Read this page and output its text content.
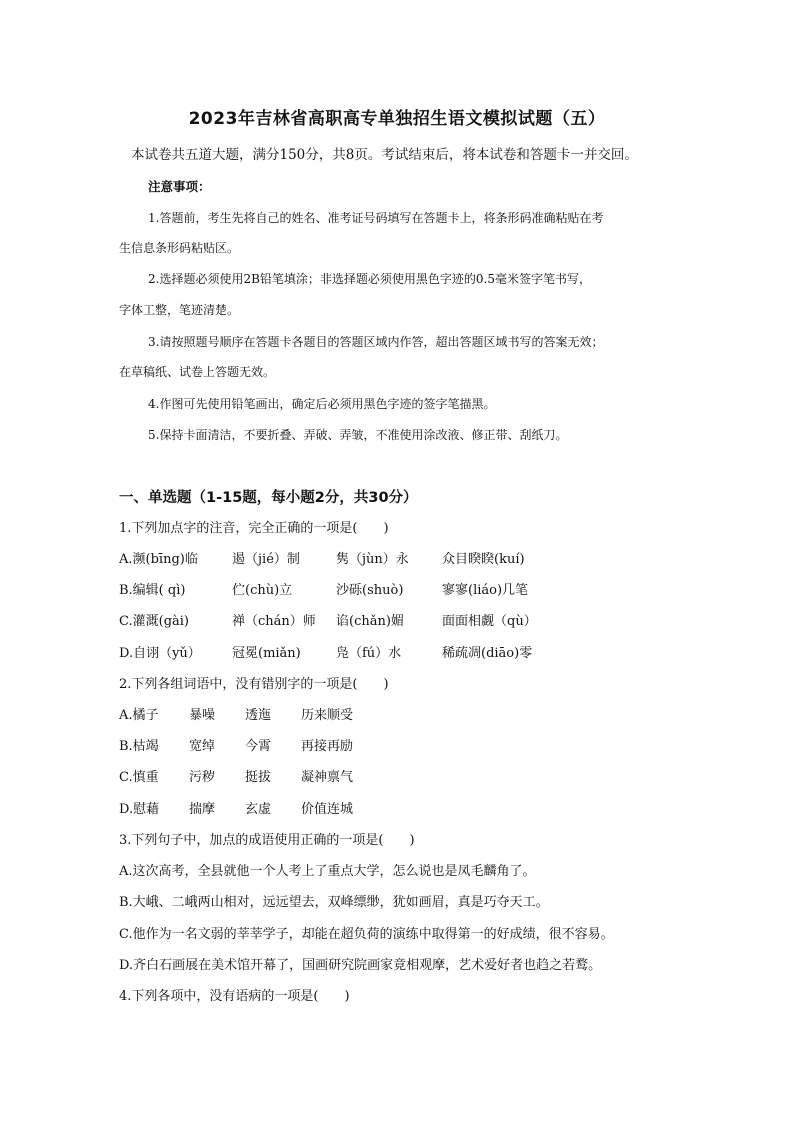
2023年吉林省高职高专单独招生语文模拟试题（五）
本试卷共五道大题，满分150分，共8页。考试结束后，将本试卷和答题卡一并交回。
注意事项：
1.答题前，考生先将自己的姓名、准考证号码填写在答题卡上，将条形码准确粘贴在考
生信息条形码粘贴区。
2.选择题必须使用2B铅笔填涂；非选择题必须使用黑色字迹的0.5毫米签字笔书写，
字体工整，笔迹清楚。
3.请按照题号顺序在答题卡各题目的答题区域内作答，超出答题区域书写的答案无效；
在草稿纸、试卷上答题无效。
4.作图可先使用铅笔画出，确定后必须用黑色字迹的签字笔描黑。
5.保持卡面清洁，不要折叠、弄破、弄皱，不准使用涂改液、修正带、刮纸刀。
一、单选题（1-15题，每小题2分，共30分）
1.下列加点字的注音，完全正确的一项是(　　)
A.濒(bīng)临	遏（jié）制	隽（jùn）永	众目睽睽(kuí)
B.编辑( qì)	伫(chù)立	沙砾(shuò)	寥寥(liáo)几笔
C.灌溉(gài)	禅（chán）师 谄(chǎn)媚	面面相觑（qù）
D.自诩（yǔ） 冠冕(miǎn)	凫（fú）水	稀疏凋(diāo)零
2.下列各组词语中，没有错别字的一项是(　　)
A.橘子 暴噪 透迤 历来顺受
B.枯竭 宽绰 今霄 再接再励
C.慎重 污秽 挺拔 凝神禀气
D.慰藉 揣摩 玄虚 价值连城
3.下列句子中，加点的成语使用正确的一项是(　　)
A.这次高考，全县就他一个人考上了重点大学，怎么说也是凤毛麟角了。
B.大峨、二峨两山相对，远远望去，双峰缥缈，犹如画眉，真是巧夺天工。
C.他作为一名文弱的莘莘学子，却能在超负荷的演练中取得第一的好成绩，很不容易。
D.齐白石画展在美术馆开幕了，国画研究院画家竟相观摩，艺术爱好者也趋之若鹜。
4.下列各项中，没有语病的一项是(　　)
